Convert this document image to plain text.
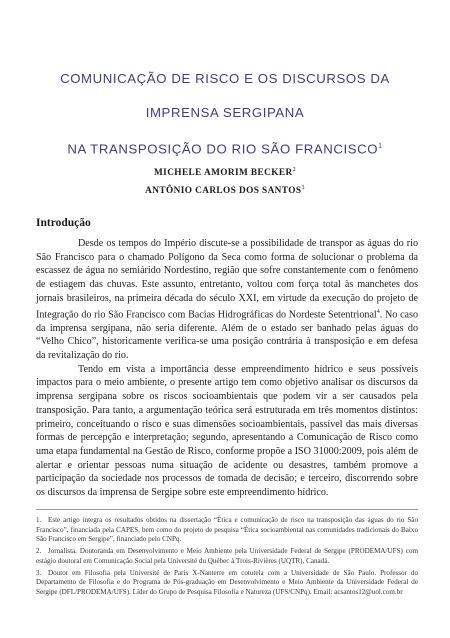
COMUNICAÇÃO DE RISCO E OS DISCURSOS DA IMPRENSA SERGIPANA
NA TRANSPOSIÇÃO DO RIO SÃO FRANCISCO$^1$
MICHELE AMORIM BECKER$^2$
ANTÔNIO CARLOS DOS SANTOS$^3$
Introdução

Desde os tempos do Império discute-se a possibilidade de transpor as águas do rio São Francisco para o chamado Polígono da Seca como forma de solucionar o problema da escassez de água no semiárido Nordestino, região que sofre constantemente com o fenômeno de estiagem das chuvas. Este assunto, entretanto, voltou com força total às manchetes dos jornais brasileiros, na primeira década do século XXI, em virtude da execução do projeto de Integração do rio São Francisco com Bacias Hidrográficas do Nordeste Setentrional$^4$. No caso da imprensa sergipana, não seria diferente. Além de o estado ser banhado pelas águas do “Velho Chico”, historicamente verifica-se uma posição contrária à transposição e em defesa da revitalização do rio.

Tendo em vista a importância desse empreendimento hídrico e seus possíveis impactos para o meio ambiente, o presente artigo tem como objetivo analisar os discursos da imprensa sergipana sobre os riscos socioambientais que podem vir a ser causados pela transposição. Para tanto, a argumentação teórica será estruturada em três momentos distintos: primeiro, conceituando o risco e suas dimensões socioambientais, passível das mais diversas formas de percepção e interpretação; segundo, apresentando a Comunicação de Risco como uma etapa fundamental na Gestão de Risco, conforme propõe a ISO 31000:2009, pois além de alertar e orientar pessoas numa situação de acidente ou desastres, também promove a participação da sociedade nos processos de tomada de decisão; e terceiro, discorrendo sobre os discursos da imprensa de Sergipe sobre este empreendimento hídrico.

1. Este artigo integra os resultados obtidos na dissertação “Ética e comunicação de risco na transposição das águas do rio São Francisco”, financiada pela CAPES, bem como do projeto de pesquisa “Ética socioambiental nas comunidades tradicionais do Baixo São Francisco em Sergipe”, financiado pelo CNPq.

2. Jornalista. Doutoranda em Desenvolvimento e Meio Ambiente pela Universidade Federal de Sergipe (PRODEMA/UFS) com estágio doutoral em Comunicação Social pela Université du Québec à Trois-Rivières (UQTR), Canadá.

3. Doutor em Filosofia pela Université de Paris X-Nanterre em cotutela com a Universidade de São Paulo. Professor do Departamento de Filosofia e do Programa de Pós-graduação em Desenvolvimento e Meio Ambiente da Universidade Federal de Sergipe (DFL/PRODEMA/UFS). Líder do Grupo de Pesquisa Filosofia e Natureza (UFS/CNPq). Email: acsantos12@uol.com.br
